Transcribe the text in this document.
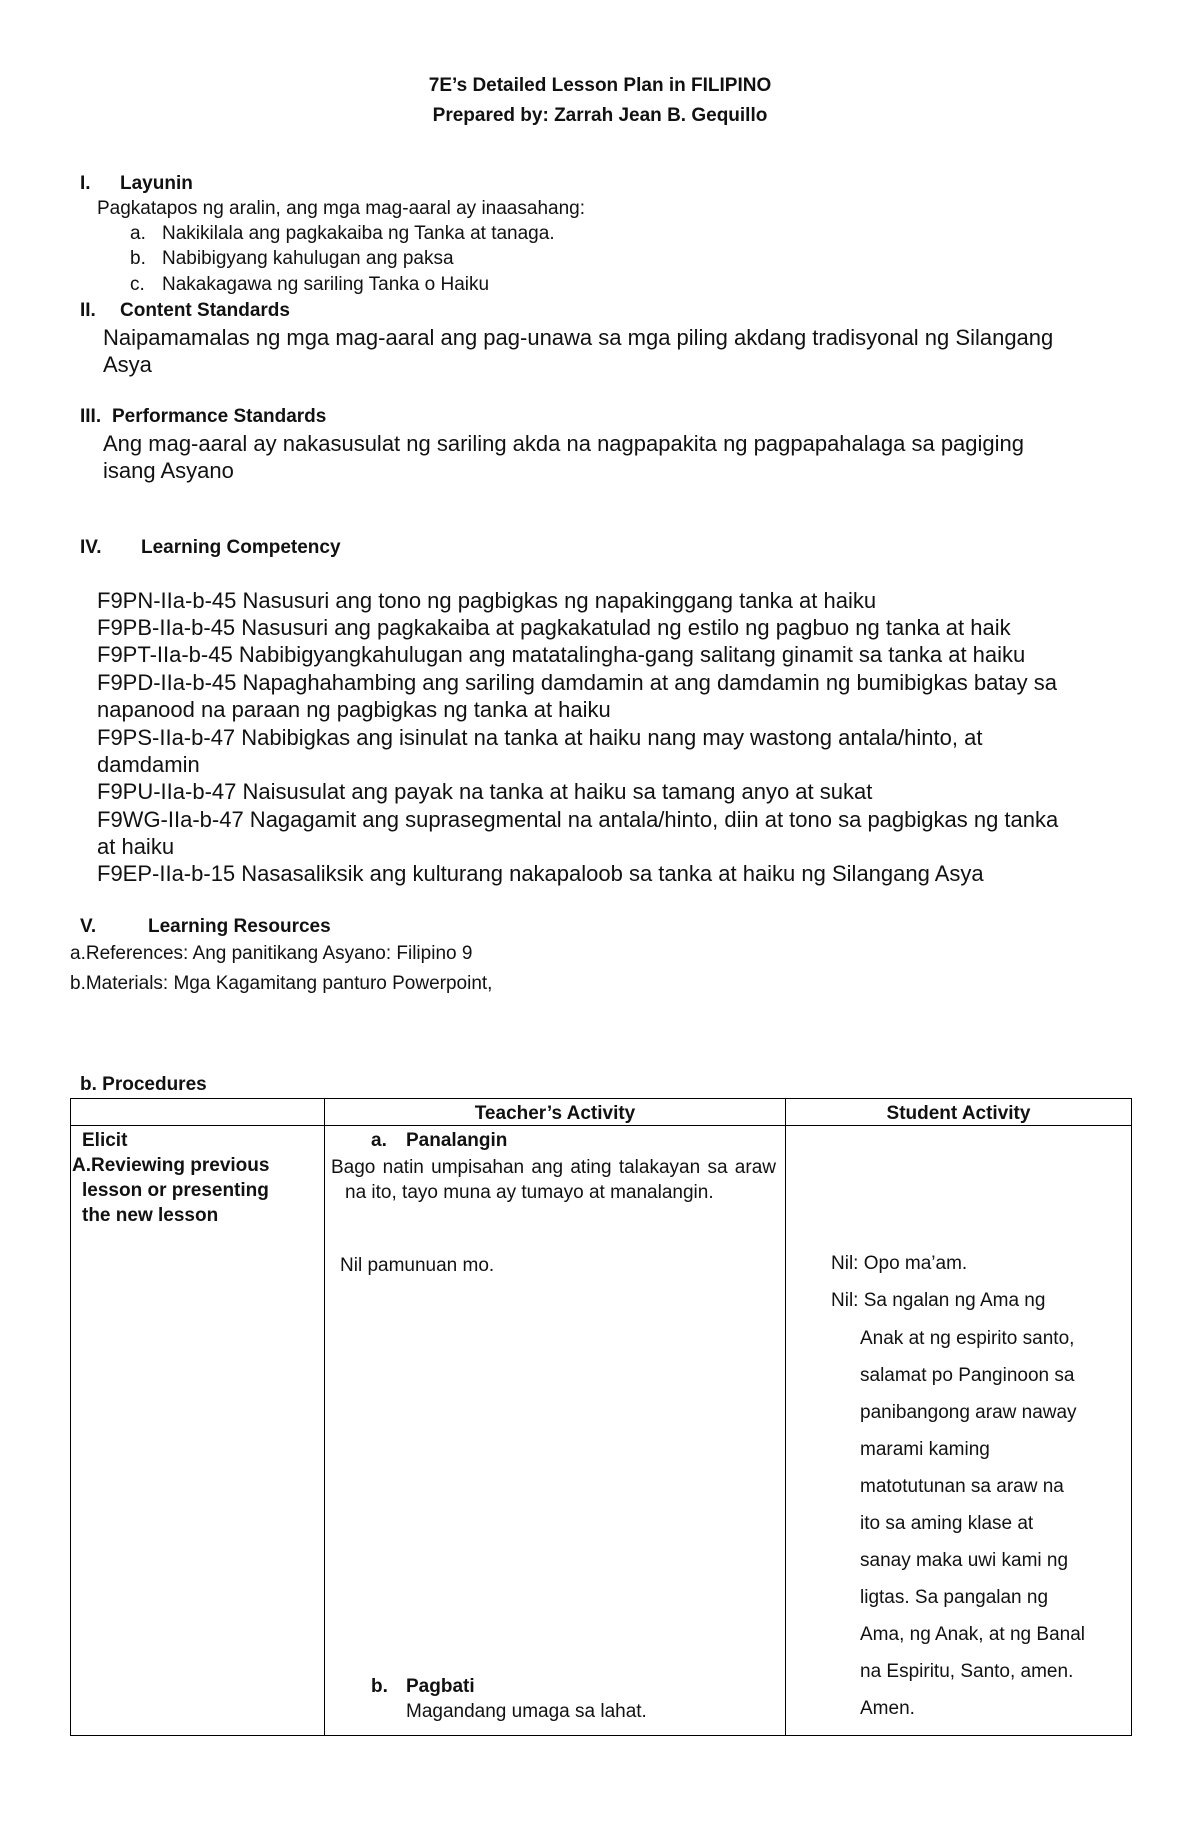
7E’s Detailed Lesson Plan in FILIPINO
Prepared by: Zarrah Jean B. Gequillo
I. Layunin
Pagkatapos ng aralin, ang mga mag-aaral ay inaasahang:
a. Nakikilala ang pagkakaiba ng Tanka at tanaga.
b. Nabibigyang kahulugan ang paksa
c. Nakakagawa ng sariling Tanka o Haiku
II. Content Standards
Naipamamalas ng mga mag-aaral ang pag-unawa sa mga piling akdang tradisyonal ng Silangang
Asya
III. Performance Standards
Ang mag-aaral ay nakasusulat ng sariling akda na nagpapakita ng pagpapahalaga sa pagiging
isang Asyano
IV. Learning Competency
F9PN-IIa-b-45 Nasusuri ang tono ng pagbigkas ng napakinggang tanka at haiku
F9PB-IIa-b-45 Nasusuri ang pagkakaiba at pagkakatulad ng estilo ng pagbuo ng tanka at haik
F9PT-IIa-b-45 Nabibigyangkahulugan ang matatalingha-gang salitang ginamit sa tanka at haiku
F9PD-IIa-b-45 Napaghahambing ang sariling damdamin at ang damdamin ng bumibigkas batay sa
napanood na paraan ng pagbigkas ng tanka at haiku
F9PS-IIa-b-47 Nabibigkas ang isinulat na tanka at haiku nang may wastong antala/hinto, at
damdamin
F9PU-IIa-b-47 Naisusulat ang payak na tanka at haiku sa tamang anyo at sukat
F9WG-IIa-b-47 Nagagamit ang suprasegmental na antala/hinto, diin at tono sa pagbigkas ng tanka
at haiku
F9EP-IIa-b-15 Nasasaliksik ang kulturang nakapaloob sa tanka at haiku ng Silangang Asya
V.	Learning Resources
a.References: Ang panitikang Asyano: Filipino 9
b.Materials: Mga Kagamitang panturo Powerpoint,
b. Procedures
Teacher’s Activity	Student Activity
Elicit
A.Reviewing previous
lesson or presenting
the new lesson
a. Panalangin
Bago natin umpisahan ang ating talakayan sa araw na ito, tayo muna ay tumayo at manalangin.
Nil pamunuan mo.
b. Pagbati
Magandang umaga sa lahat.
Nil: Opo ma’am.
Nil: Sa ngalan ng Ama ng
Anak at ng espirito santo,
salamat po Panginoon sa
panibangong araw naway
marami kaming
matotutunan sa araw na
ito sa aming klase at
sanay maka uwi kami ng
ligtas. Sa pangalan ng
Ama, ng Anak, at ng Banal
na Espiritu, Santo, amen.
Amen.
